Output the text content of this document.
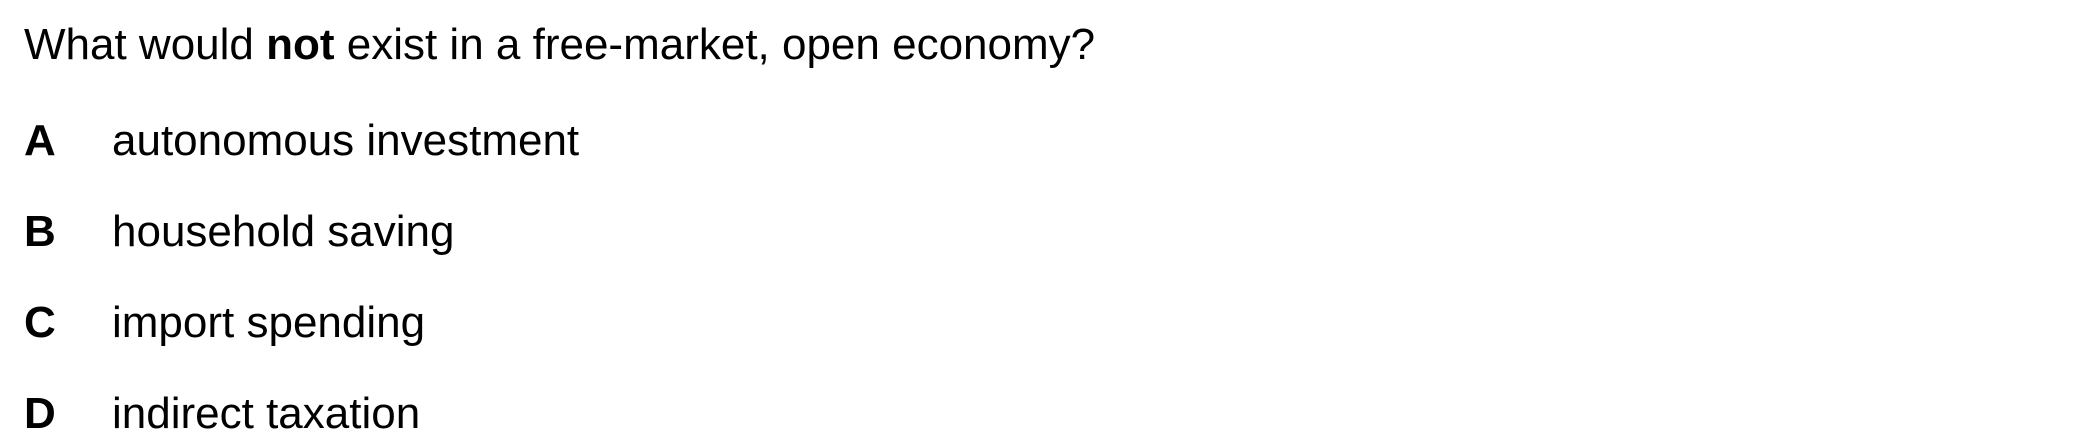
What would not exist in a free-market, open economy?
A autonomous investment
B household saving
C import spending
D indirect taxation
